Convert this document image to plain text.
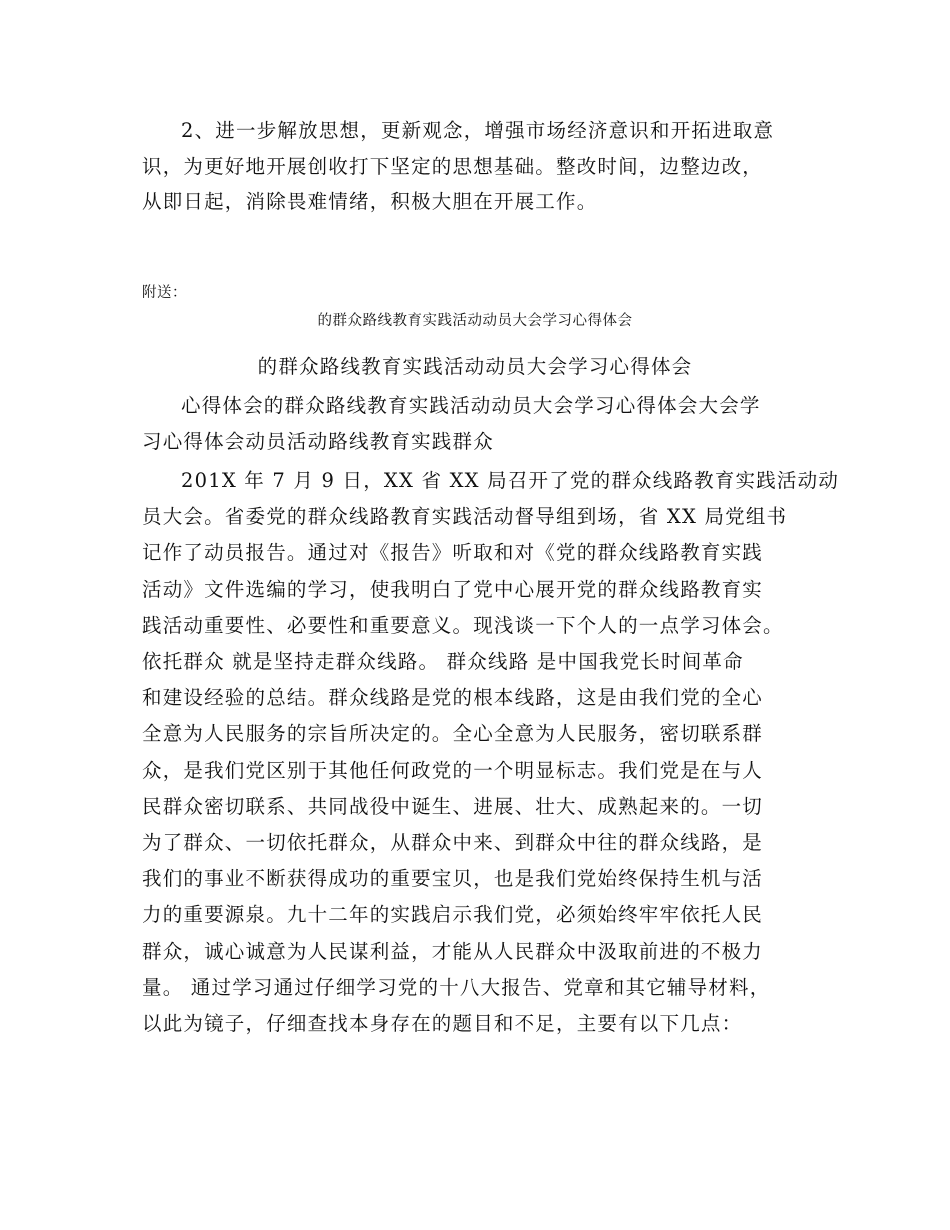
2、进一步解放思想，更新观念，增强市场经济意识和开拓进取意
识，为更好地开展创收打下坚定的思想基础。整改时间，边整边改，
从即日起，消除畏难情绪，积极大胆在开展工作。

附送：

的群众路线教育实践活动动员大会学习心得体会

的群众路线教育实践活动动员大会学习心得体会

心得体会的群众路线教育实践活动动员大会学习心得体会大会学
习心得体会动员活动路线教育实践群众

201X 年 7 月 9 日，XX 省 XX 局召开了党的群众线路教育实践活动动
员大会。省委党的群众线路教育实践活动督导组到场，省 XX 局党组书
记作了动员报告。通过对《报告》听取和对《党的群众线路教育实践
活动》文件选编的学习，使我明白了党中心展开党的群众线路教育实
践活动重要性、必要性和重要意义。现浅谈一下个人的一点学习体会。
依托群众 就是坚持走群众线路。 群众线路 是中国我党长时间革命
和建设经验的总结。群众线路是党的根本线路，这是由我们党的全心
全意为人民服务的宗旨所决定的。全心全意为人民服务，密切联系群
众，是我们党区别于其他任何政党的一个明显标志。我们党是在与人
民群众密切联系、共同战役中诞生、进展、壮大、成熟起来的。一切
为了群众、一切依托群众，从群众中来、到群众中往的群众线路，是
我们的事业不断获得成功的重要宝贝，也是我们党始终保持生机与活
力的重要源泉。九十二年的实践启示我们党，必须始终牢牢依托人民
群众，诚心诚意为人民谋利益，才能从人民群众中汲取前进的不极力
量。 通过学习通过仔细学习党的十八大报告、党章和其它辅导材料，
以此为镜子，仔细查找本身存在的题目和不足，主要有以下几点：
